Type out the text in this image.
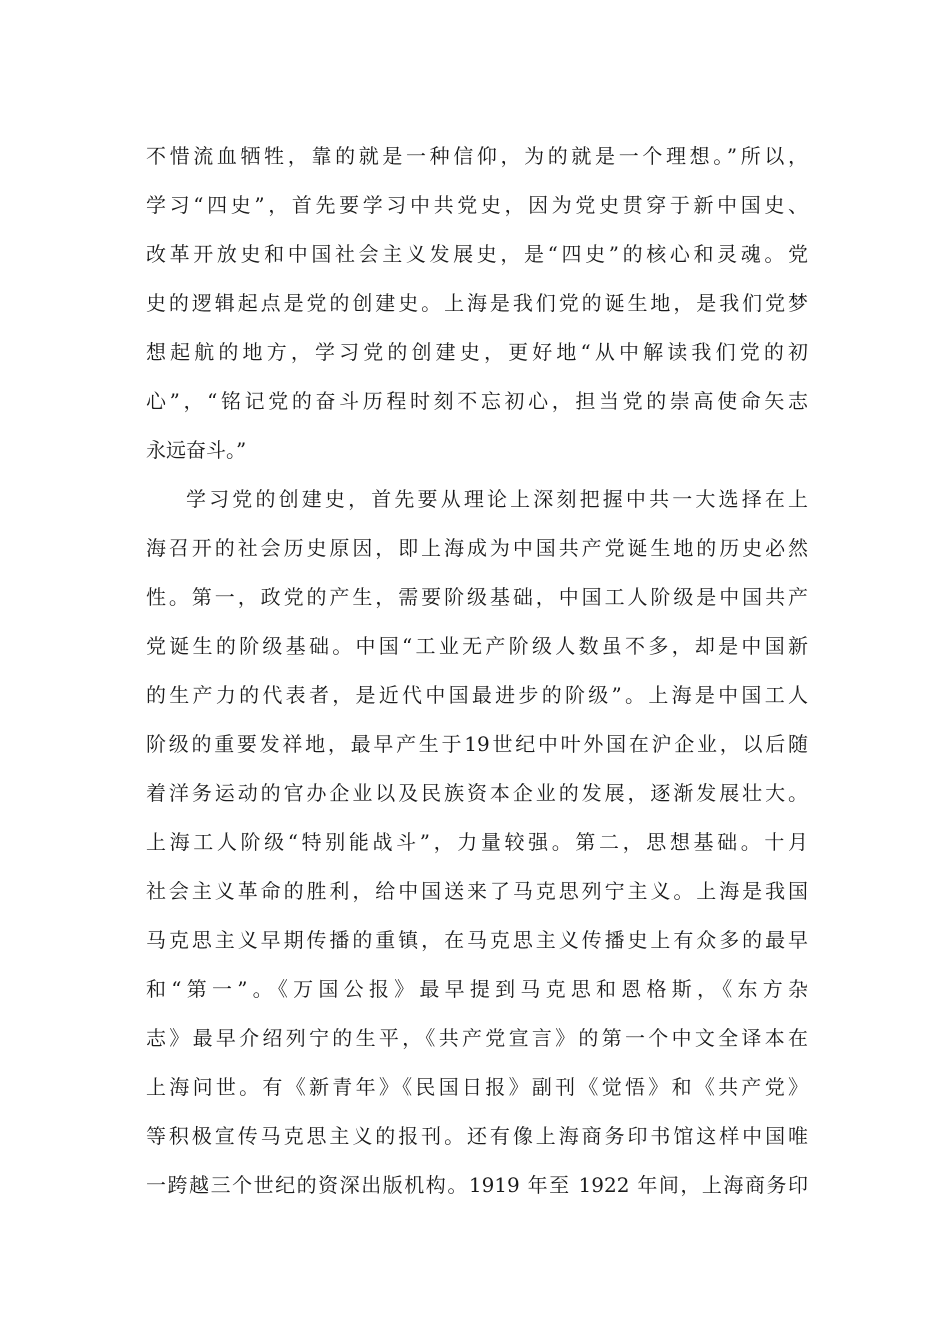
不惜流血牺牲，靠的就是一种信仰，为的就是一个理想。”所以，
学习“四史”，首先要学习中共党史，因为党史贯穿于新中国史、
改革开放史和中国社会主义发展史，是“四史”的核心和灵魂。党
史的逻辑起点是党的创建史。上海是我们党的诞生地，是我们党梦
想起航的地方，学习党的创建史，更好地“从中解读我们党的初
心”，“铭记党的奋斗历程时刻不忘初心，担当党的崇高使命矢志
永远奋斗。”
学习党的创建史，首先要从理论上深刻把握中共一大选择在上
海召开的社会历史原因，即上海成为中国共产党诞生地的历史必然
性。第一，政党的产生，需要阶级基础，中国工人阶级是中国共产
党诞生的阶级基础。中国“工业无产阶级人数虽不多，却是中国新
的生产力的代表者，是近代中国最进步的阶级”。上海是中国工人
阶级的重要发祥地，最早产生于19世纪中叶外国在沪企业，以后随
着洋务运动的官办企业以及民族资本企业的发展，逐渐发展壮大。
上海工人阶级“特别能战斗”，力量较强。第二，思想基础。十月
社会主义革命的胜利，给中国送来了马克思列宁主义。上海是我国
马克思主义早期传播的重镇，在马克思主义传播史上有众多的最早
和“第一”。《万国公报》最早提到马克思和恩格斯，《东方杂
志》最早介绍列宁的生平，《共产党宣言》的第一个中文全译本在
上海问世。有《新青年》《民国日报》副刊《觉悟》和《共产党》
等积极宣传马克思主义的报刊。还有像上海商务印书馆这样中国唯
一跨越三个世纪的资深出版机构。1919 年至 1922 年间，上海商务印
